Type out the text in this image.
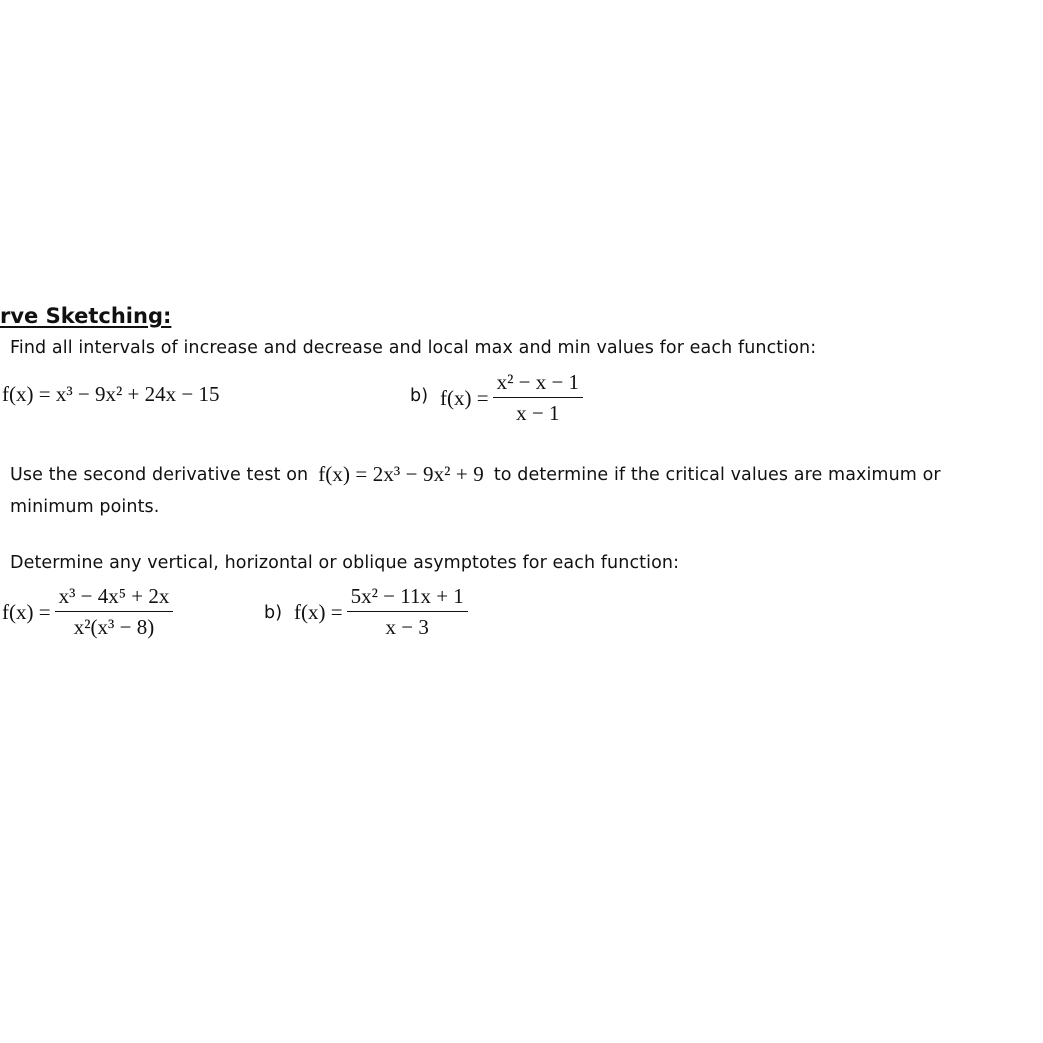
rve Sketching:
Find all intervals of increase and decrease and local max and min values for each function:
f(x) = x³ − 9x² + 24x − 15	b) $f(x) = \frac{\text{x² − x − 1}}{x - 1}$
Use the second derivative test on f(x) = 2x³ − 9x² + 9 to determine if the critical values are maximum or
minimum points.
Determine any vertical, horizontal or oblique asymptotes for each function:
$f(x) = \frac{\text{x³ − 4x⁵ + 2x}}{\text{x²(x³ − 8)}}$	b) $f(x) = \frac{\text{5x² − 11x + 1}}{x - 3}$
